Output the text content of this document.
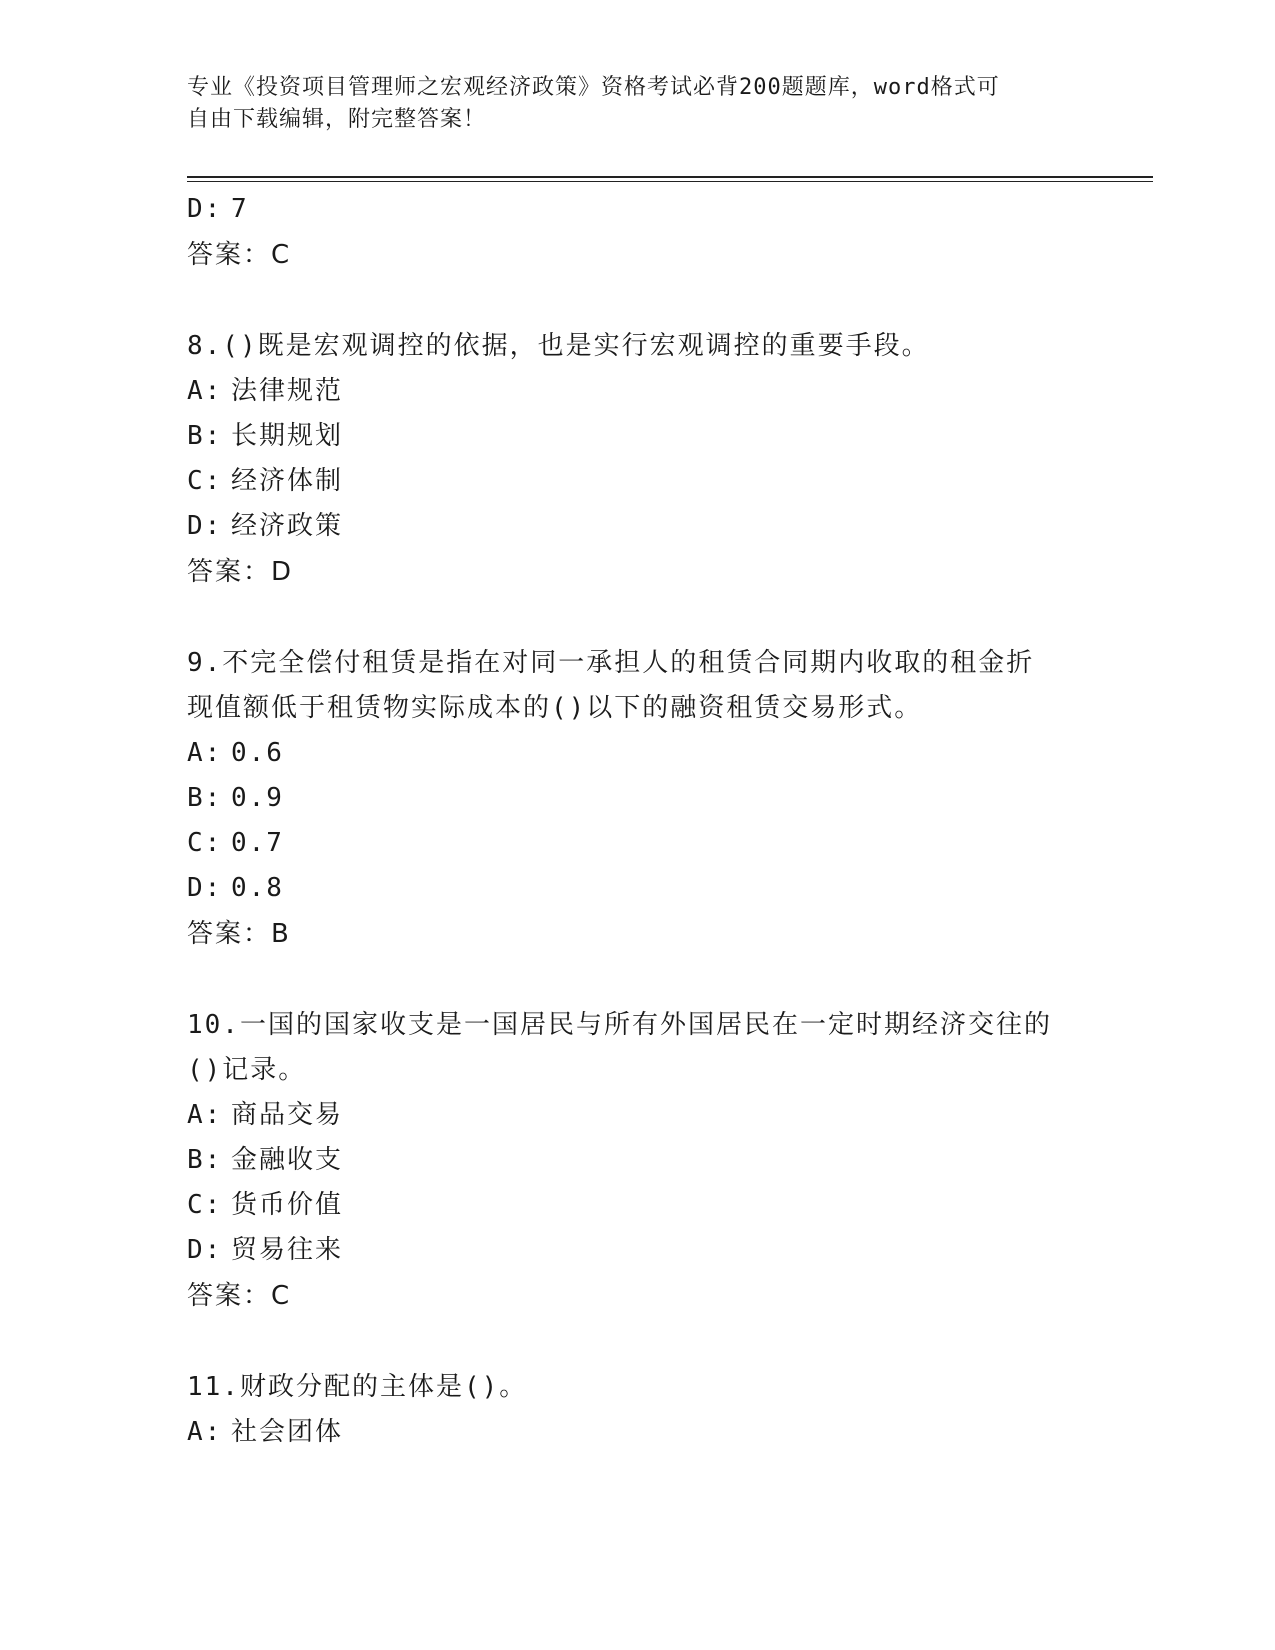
专业《投资项目管理师之宏观经济政策》资格考试必背200题题库，word格式可
自由下载编辑，附完整答案！
D: 7
答案：C
8.()既是宏观调控的依据，也是实行宏观调控的重要手段。
A: 法律规范
B: 长期规划
C: 经济体制
D: 经济政策
答案：D
9.不完全偿付租赁是指在对同一承担人的租赁合同期内收取的租金折
现值额低于租赁物实际成本的()以下的融资租赁交易形式。
A: 0.6
B: 0.9
C: 0.7
D: 0.8
答案：B
10.一国的国家收支是一国居民与所有外国居民在一定时期经济交往的
()记录。
A: 商品交易
B: 金融收支
C: 货币价值
D: 贸易往来
答案：C
11.财政分配的主体是()。
A: 社会团体
